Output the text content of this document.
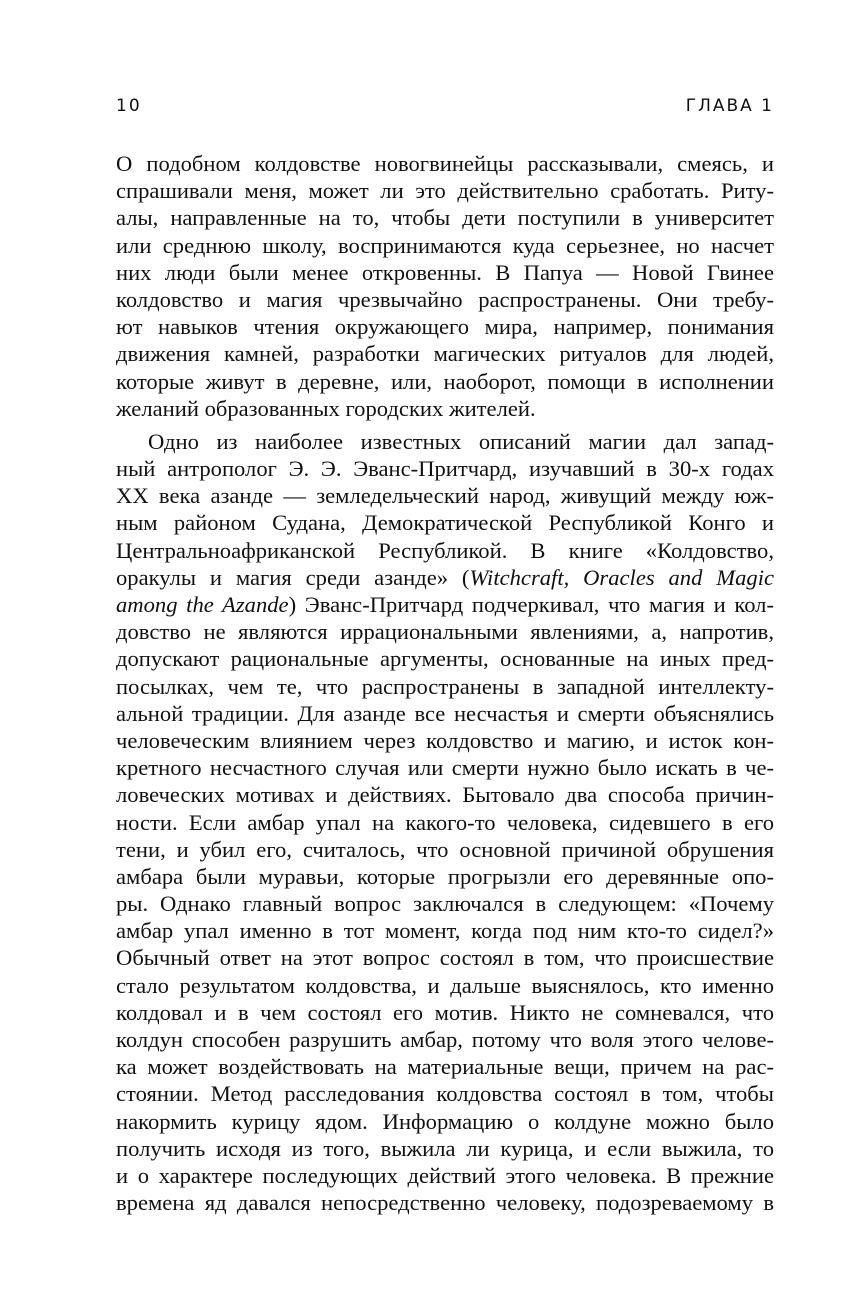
10	ГЛАВА 1
О подобном колдовстве новогвинейцы рассказывали, смеясь, и
спрашивали меня, может ли это действительно сработать. Риту-
алы, направленные на то, чтобы дети поступили в университет
или среднюю школу, воспринимаются куда серьезнее, но насчет
них люди были менее откровенны. В Папуа — Новой Гвинее
колдовство и магия чрезвычайно распространены. Они требу-
ют навыков чтения окружающего мира, например, понимания
движения камней, разработки магических ритуалов для людей,
которые живут в деревне, или, наоборот, помощи в исполнении
желаний образованных городских жителей.
Одно из наиболее известных описаний магии дал запад-
ный антрополог Э. Э. Эванс-Притчард, изучавший в 30-х годах
XX века азанде — земледельческий народ, живущий между юж-
ным районом Судана, Демократической Республикой Конго и
Центральноафриканской Республикой. В книге «Колдовство,
оракулы и магия среди азанде» (Witchcraft, Oracles and Magic
among the Azande) Эванс-Притчард подчеркивал, что магия и кол-
довство не являются иррациональными явлениями, а, напротив,
допускают рациональные аргументы, основанные на иных пред-
посылках, чем те, что распространены в западной интеллекту-
альной традиции. Для азанде все несчастья и смерти объяснялись
человеческим влиянием через колдовство и магию, и исток кон-
кретного несчастного случая или смерти нужно было искать в че-
ловеческих мотивах и действиях. Бытовало два способа причин-
ности. Если амбар упал на какого-то человека, сидевшего в его
тени, и убил его, считалось, что основной причиной обрушения
амбара были муравьи, которые прогрызли его деревянные опо-
ры. Однако главный вопрос заключался в следующем: «Почему
амбар упал именно в тот момент, когда под ним кто-то сидел?»
Обычный ответ на этот вопрос состоял в том, что происшествие
стало результатом колдовства, и дальше выяснялось, кто именно
колдовал и в чем состоял его мотив. Никто не сомневался, что
колдун способен разрушить амбар, потому что воля этого челове-
ка может воздействовать на материальные вещи, причем на рас-
стоянии. Метод расследования колдовства состоял в том, чтобы
накормить курицу ядом. Информацию о колдуне можно было
получить исходя из того, выжила ли курица, и если выжила, то
и о характере последующих действий этого человека. В прежние
времена яд давался непосредственно человеку, подозреваемому в
